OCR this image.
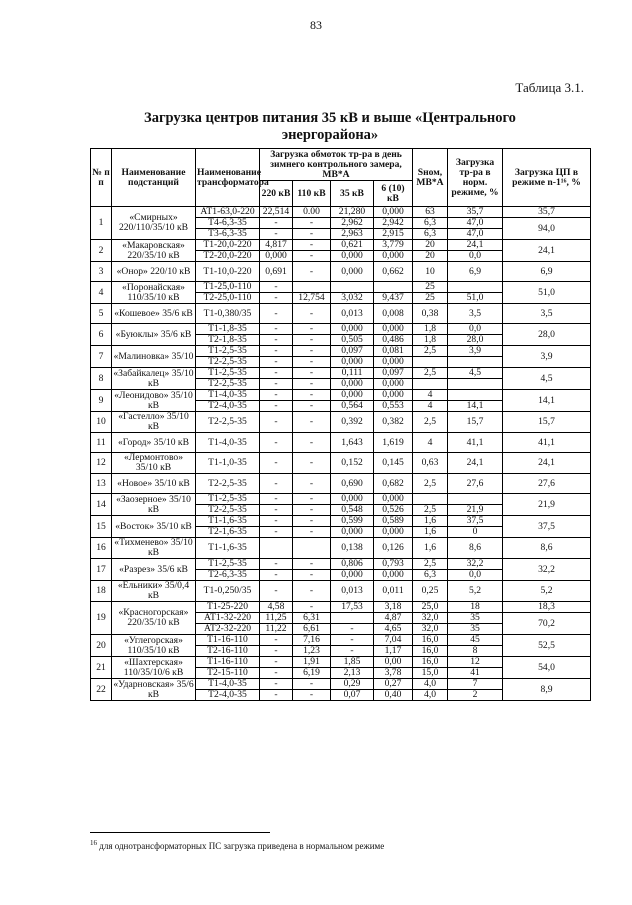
83
Таблица 3.1.
Загрузка центров питания 35 кВ и выше «Центрального энергорайона»
№ п п	Наименование подстанций	Наименование трансформатора	Загрузка обмоток тр-ра в день зимнего контрольного замера, МВ*А				Sном, МВ*А	Загрузка тр-ра в норм. режиме, %	Загрузка ЦП в режиме n-1¹⁶, %
			220 кВ	110 кВ	35 кВ	6 (10) кВ			
1	«Смирных» 220/110/35/10 кВ	АТ1-63,0-220	22,514	0.00	21,280	0,000	63	35,7	35,7
		Т4-6,3-35	-	-	2,962	2,942	6,3	47,0	94,0
		Т3-6,3-35	-	-	2,963	2,915	6,3	47,0	
2	«Макаровская» 220/35/10 кВ	Т1-20,0-220	4,817	-	0,621	3,779	20	24,1	24,1
		Т2-20,0-220	0,000	-	0,000	0,000	20	0,0	
3	«Онор» 220/10 кВ	Т1-10,0-220	0,691	-	0,000	0,662	10	6,9	6,9
4	«Поронайская» 110/35/10 кВ	Т1-25,0-110	-				25		51,0
		Т2-25,0-110	-	12,754	3,032	9,437	25	51,0	
5	«Кошевое» 35/6 кВ	Т1-0,380/35	-	-	0,013	0,008	0,38	3,5	3,5
6	«Буюклы» 35/6 кВ	Т1-1,8-35	-	-	0,000	0,000	1,8	0,0	28,0
		Т2-1,8-35	-	-	0,505	0,486	1,8	28,0	
7	«Малиновка» 35/10	Т1-2,5-35	-	-	0,097	0,081	2,5	3,9	3,9
		Т2-2,5-35	-	-	0,000	0,000			
8	«Забайкалец» 35/10 кВ	Т1-2,5-35	-	-	0,111	0,097	2,5	4,5	4,5
		Т2-2,5-35	-	-	0,000	0,000			
9	«Леонидово» 35/10 кВ	Т1-4,0-35	-	-	0,000	0,000	4		14,1
		Т2-4,0-35	-	-	0,564	0,553	4	14,1	
10	«Гастелло» 35/10 кВ	Т2-2,5-35	-	-	0,392	0,382	2,5	15,7	15,7
11	«Город» 35/10 кВ	Т1-4,0-35	-	-	1,643	1,619	4	41,1	41,1
12	«Лермонтово» 35/10 кВ	Т1-1,0-35	-	-	0,152	0,145	0,63	24,1	24,1
13	«Новое» 35/10 кВ	Т2-2,5-35	-	-	0,690	0,682	2,5	27,6	27,6
14	«Заозерное» 35/10 кВ	Т1-2,5-35	-	-	0,000	0,000			21,9
		Т2-2,5-35	-	-	0,548	0,526	2,5	21,9	
15	«Восток» 35/10 кВ	Т1-1,6-35	-	-	0,599	0,589	1,6	37,5	37,5
		Т2-1,6-35	-	-	0,000	0,000	1,6	0	
16	«Тихменево» 35/10 кВ	Т1-1,6-35			0,138	0,126	1,6	8,6	8,6
17	«Разрез» 35/6 кВ	Т1-2,5-35	-	-	0,806	0,793	2,5	32,2	32,2
		Т2-6,3-35	-	-	0,000	0,000	6,3	0,0	
18	«Ельники» 35/0,4 кВ	Т1-0,250/35	-	-	0,013	0,011	0,25	5,2	5,2
19	«Красногорская» 220/35/10 кВ	Т1-25-220	4,58	-	17,53	3,18	25,0	18	18,3
		АТ1-32-220	11,25	6,31		4,87	32,0	35	70,2
		АТ2-32-220	11,22	6,61	-	4,65	32,0	35	
20	«Углегорская» 110/35/10 кВ	Т1-16-110	-	7,16	-	7,04	16,0	45	52,5
		Т2-16-110	-	1,23	-	1,17	16,0	8	
21	«Шахтерская» 110/35/10/6 кВ	Т1-16-110	-	1,91	1,85	0,00	16,0	12	54,0
		Т2-15-110	-	6,19	2,13	3,78	15,0	41	
22	«Ударновская» 35/6 кВ	Т1-4,0-35	-	-	0,29	0,27	4,0	7	8,9
		Т2-4,0-35	-	-	0,07	0,40	4,0	2	
$^{16}$ для однотрансформаторных ПС загрузка приведена в нормальном режиме
